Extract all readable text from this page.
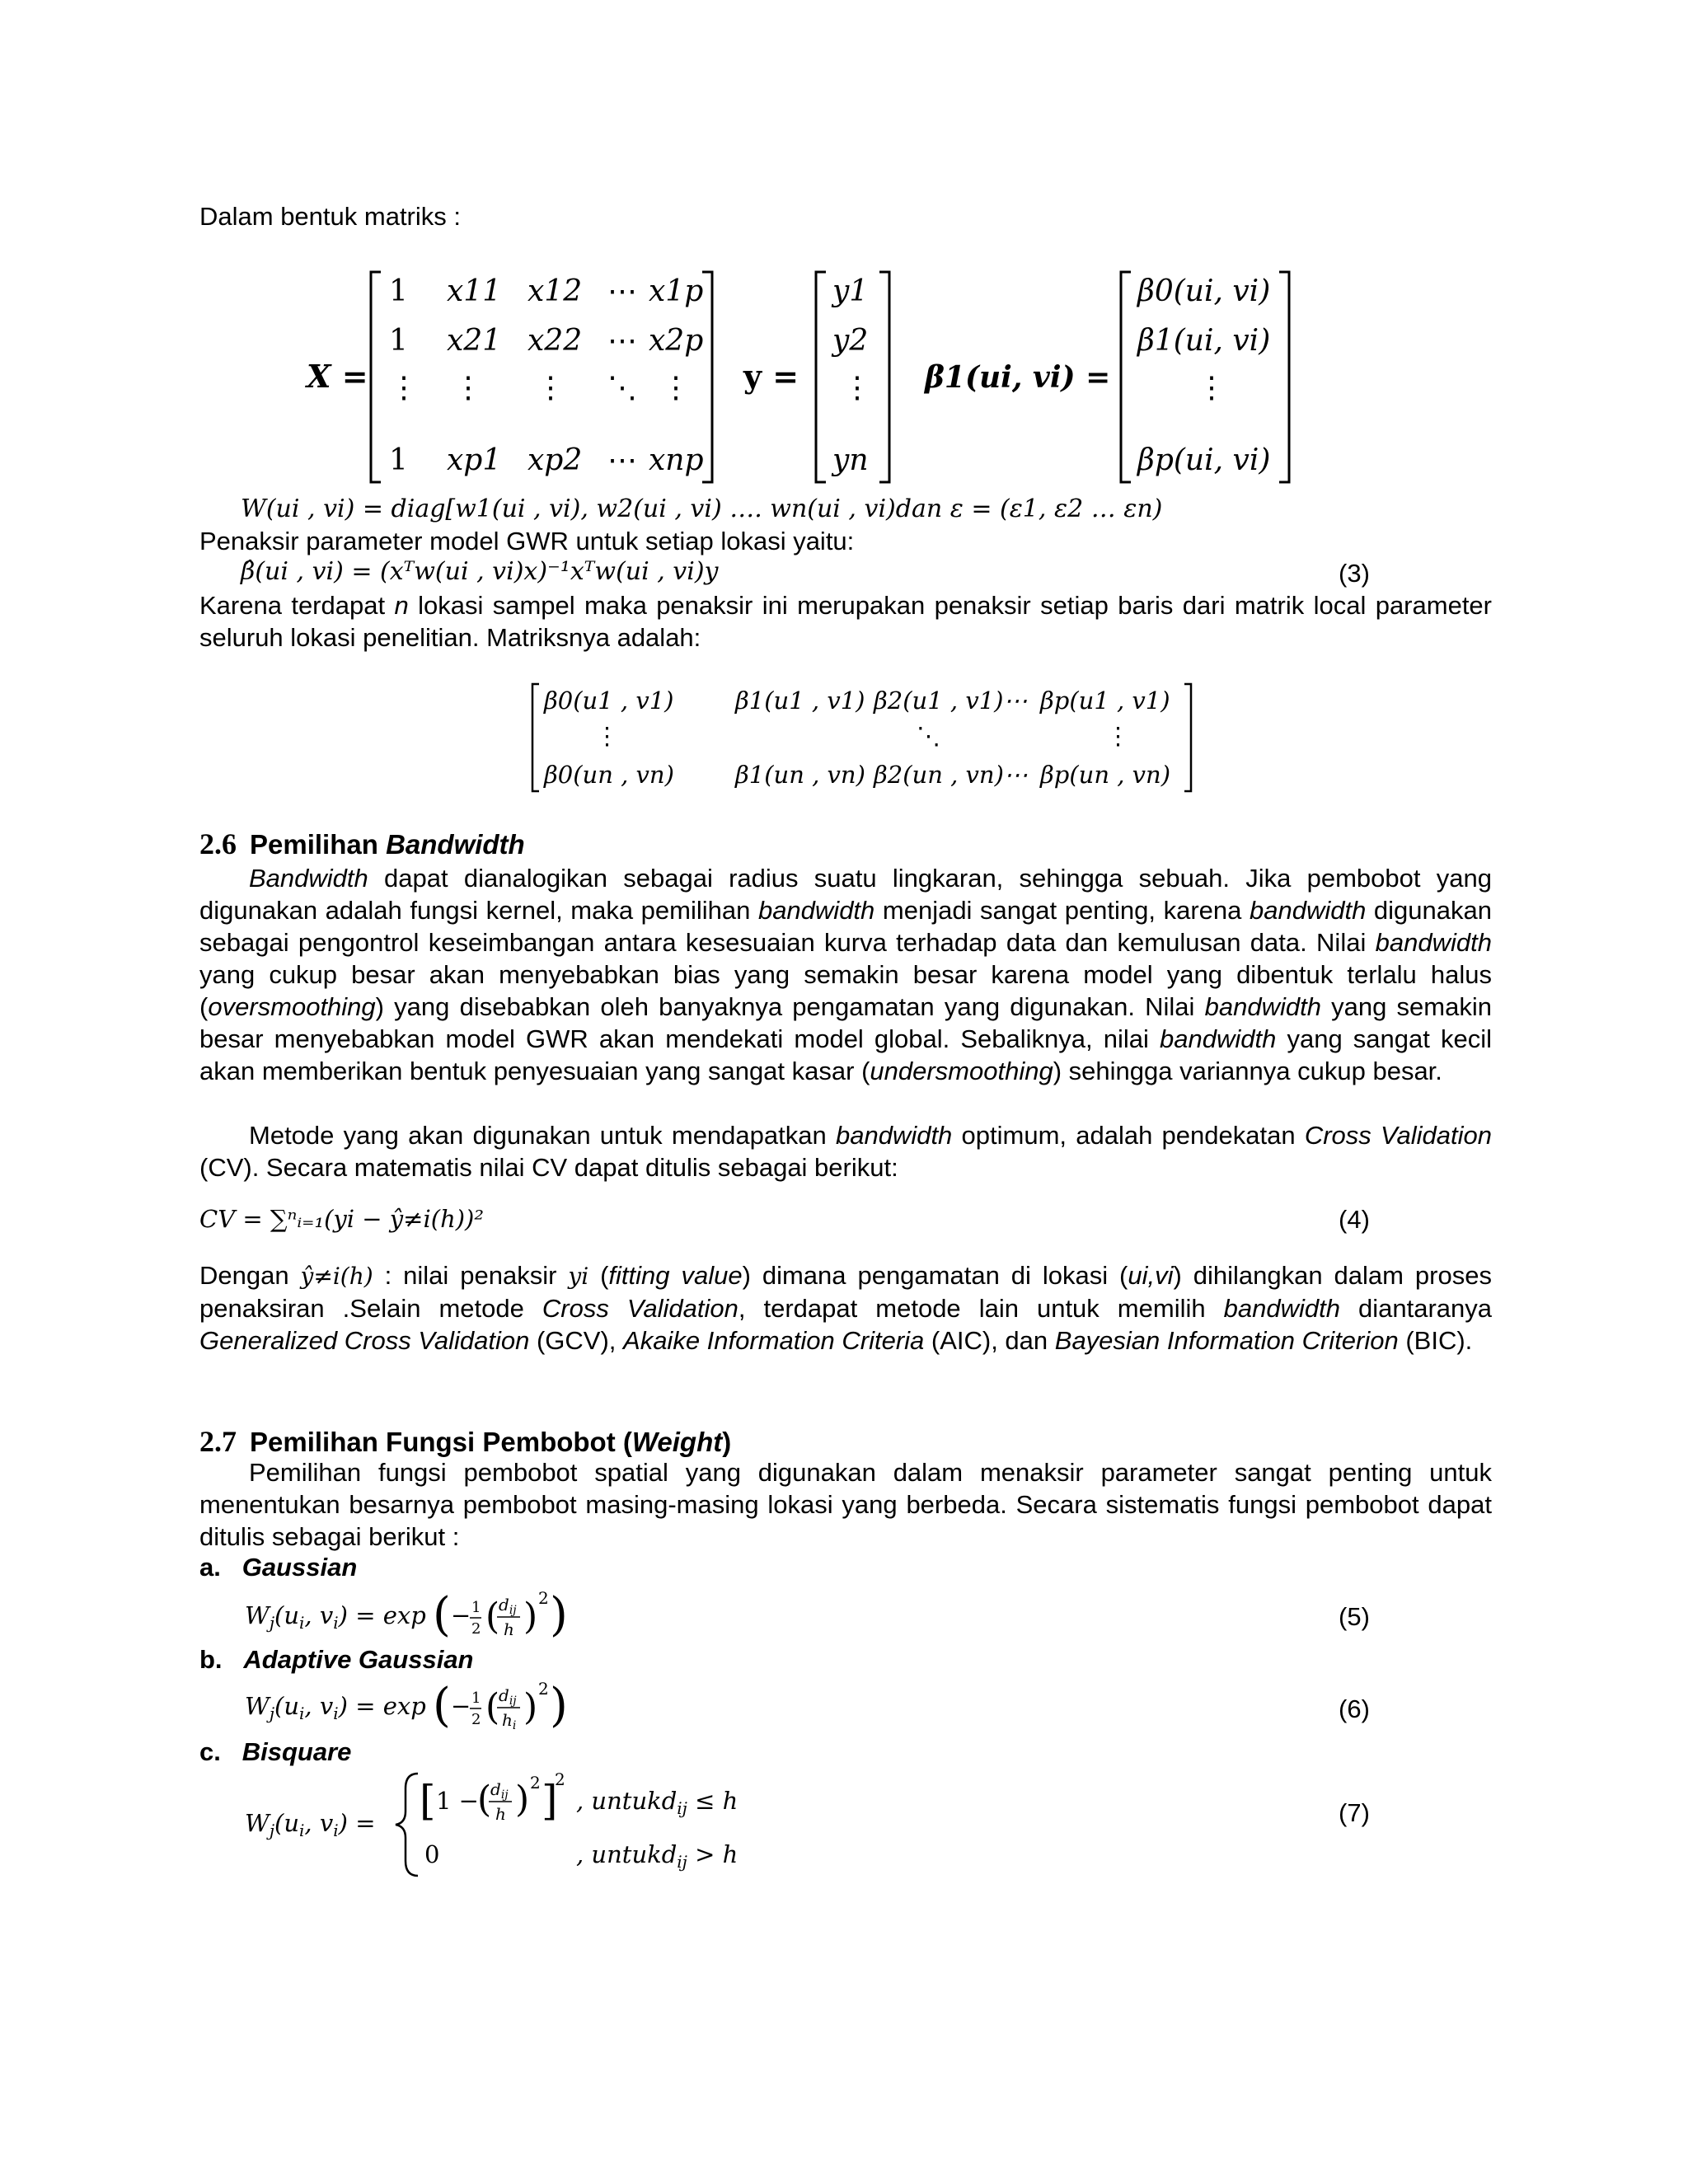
Dalam bentuk matriks :
X =
1 x11 x12 ⋯ x1p
1 x21 x22 ⋯ x2p
⋮ ⋮ ⋮ ⋱ ⋮
1 xp1 xp2 ⋯ xnp
y =
y1
y2
⋮
yn
β1(ui, vi) =
β0(ui, vi)
β1(ui, vi)
⋮
βp(ui, vi)
W(ui , vi) = diag[w1(ui , vi), w2(ui , vi) …. wn(ui , vi)dan ε = (ε1, ε2 … εn)
Penaksir parameter model GWR untuk setiap lokasi yaitu:
β̂(ui , vi) = (xᵀw(ui , vi)x)⁻¹xᵀw(ui , vi)y	(3)
Karena terdapat n lokasi sampel maka penaksir ini merupakan penaksir setiap baris dari matrik local parameter seluruh lokasi penelitian. Matriksnya adalah:
β0(u1 , v1)	β1(u1 , v1) β2(u1 , v1)⋯ βp(u1 , v1)
⋮	⋱	⋮
β0(un , vn)	β1(un , vn) β2(un , vn)⋯ βp(un , vn)
2.6 Pemilihan Bandwidth

Bandwidth dapat dianalogikan sebagai radius suatu lingkaran, sehingga sebuah. Jika pembobot yang digunakan adalah fungsi kernel, maka pemilihan bandwidth menjadi sangat penting, karena bandwidth digunakan sebagai pengontrol keseimbangan antara kesesuaian kurva terhadap data dan kemulusan data. Nilai bandwidth yang cukup besar akan menyebabkan bias yang semakin besar karena model yang dibentuk terlalu halus (oversmoothing) yang disebabkan oleh banyaknya pengamatan yang digunakan. Nilai bandwidth yang semakin besar menyebabkan model GWR akan mendekati model global. Sebaliknya, nilai bandwidth yang sangat kecil akan memberikan bentuk penyesuaian yang sangat kasar (undersmoothing) sehingga variannya cukup besar.

Metode yang akan digunakan untuk mendapatkan bandwidth optimum, adalah pendekatan Cross Validation (CV). Secara matematis nilai CV dapat ditulis sebagai berikut:

CV = ∑ⁿᵢ₌₁(yi − ŷ≠i(h))²	(4)

Dengan ŷ≠i(h) : nilai penaksir yi (fitting value) dimana pengamatan di lokasi (ui,vi) dihilangkan dalam proses penaksiran .Selain metode Cross Validation, terdapat metode lain untuk memilih bandwidth diantaranya Generalized Cross Validation (GCV), Akaike Information Criteria (AIC), dan Bayesian Information Criterion (BIC).

2.7 Pemilihan Fungsi Pembobot (Weight)

Pemilihan fungsi pembobot spatial yang digunakan dalam menaksir parameter sangat penting untuk menentukan besarnya pembobot masing-masing lokasi yang berbeda. Secara sistematis fungsi pembobot dapat ditulis sebagai berikut :

a. Gaussian
$W_j(u_i$, $v_i) = \exp$ ( − 1
2 (
$d_{ij}$
h ) 2 )	(5)
b. Adaptive Gaussian
$W_j(u_i$, $v_i) = \exp$ ( − 1
2 (
$d_{ij}$
$h_i$ ) 2 )	(6)
c. Bisquare
$W_j(u_i$, $v_i$) = [ 1 −
(
$d_{ij}$
h ) 2 ]
2
, untukd$_{ij}$ ≤ h
0	, untukd$_{ij}$ > h
(7)
